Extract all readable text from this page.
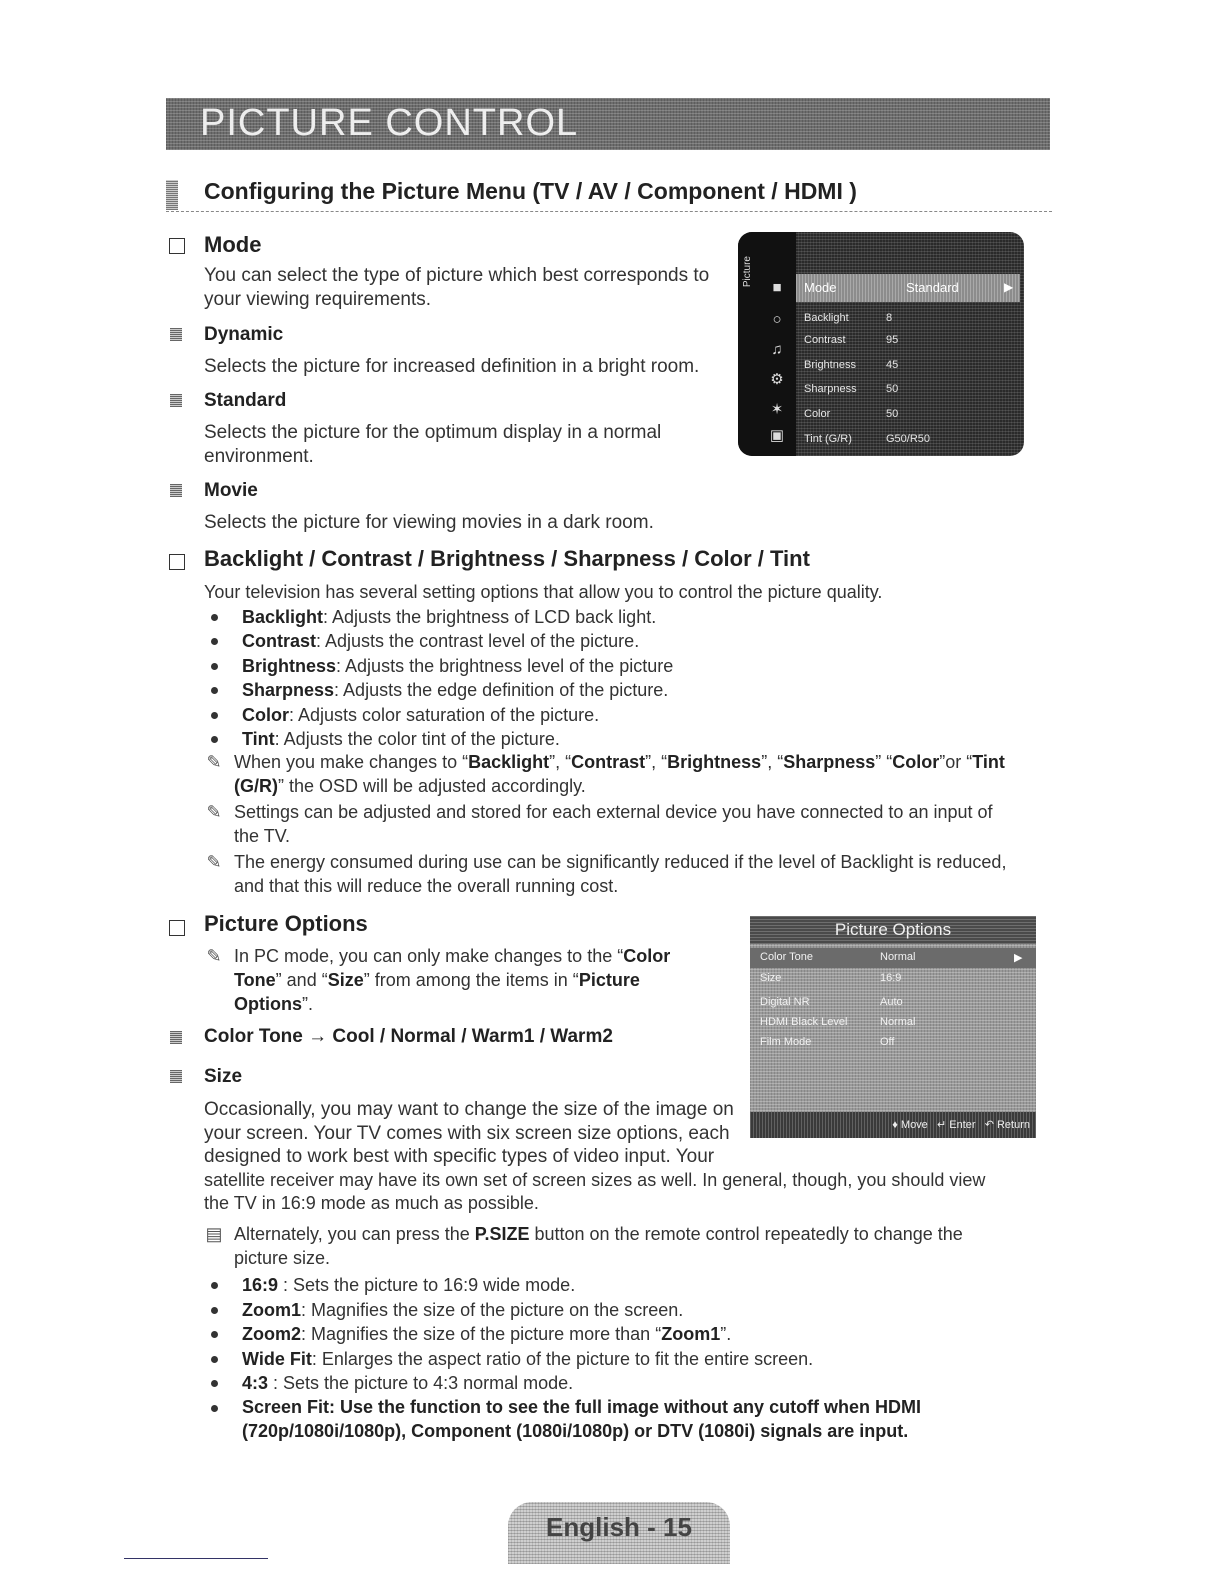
PICTURE CONTROL
Configuring the Picture Menu (TV / AV / Component / HDMI )
Mode
You can select the type of picture which best corresponds to
your viewing requirements.
Dynamic
Selects the picture for increased definition in a bright room.
Standard
Selects the picture for the optimum display in a normal
environment.
Movie
Selects the picture for viewing movies in a dark room.
Picture
■
○
♫
⚙
✶
▣
Mode	Standard	▶
Backlight	8
Contrast	95
Brightness	45
Sharpness	50
Color	50
Tint (G/R)	G50/R50
Backlight / Contrast / Brightness / Sharpness / Color / Tint
Your television has several setting options that allow you to control the picture quality.
Backlight: Adjusts the brightness of LCD back light.
Contrast: Adjusts the contrast level of the picture.
Brightness: Adjusts the brightness level of the picture
Sharpness: Adjusts the edge definition of the picture.
Color: Adjusts color saturation of the picture.
Tint: Adjusts the color tint of the picture.
✎ When you make changes to “Backlight”, “Contrast”, “Brightness”, “Sharpness” “Color”or “Tint
(G/R)” the OSD will be adjusted accordingly.
✎ Settings can be adjusted and stored for each external device you have connected to an input of
the TV.
✎ The energy consumed during use can be significantly reduced if the level of Backlight is reduced,
and that this will reduce the overall running cost.
Picture Options
✎ In PC mode, you can only make changes to the “Color
Tone” and “Size” from among the items in “Picture
Options”.
Color Tone → Cool / Normal / Warm1 / Warm2
Size
Occasionally, you may want to change the size of the image on
your screen. Your TV comes with six screen size options, each
designed to work best with specific types of video input. Your
satellite receiver may have its own set of screen sizes as well. In general, though, you should view
the TV in 16:9 mode as much as possible.
▤ Alternately, you can press the P.SIZE button on the remote control repeatedly to change the
picture size.
16:9 : Sets the picture to 16:9 wide mode.
Zoom1: Magnifies the size of the picture on the screen.
Zoom2: Magnifies the size of the picture more than “Zoom1”.
Wide Fit: Enlarges the aspect ratio of the picture to fit the entire screen.
4:3 : Sets the picture to 4:3 normal mode.
Screen Fit: Use the function to see the full image without any cutoff when HDMI
(720p/1080i/1080p), Component (1080i/1080p) or DTV (1080i) signals are input.
Picture Options
▶
Color Tone	Normal
Size	16:9
Digital NR	Auto
HDMI Black Level	Normal
Film Mode	Off
♦ Move   ↵ Enter   ↶ Return
English - 15
